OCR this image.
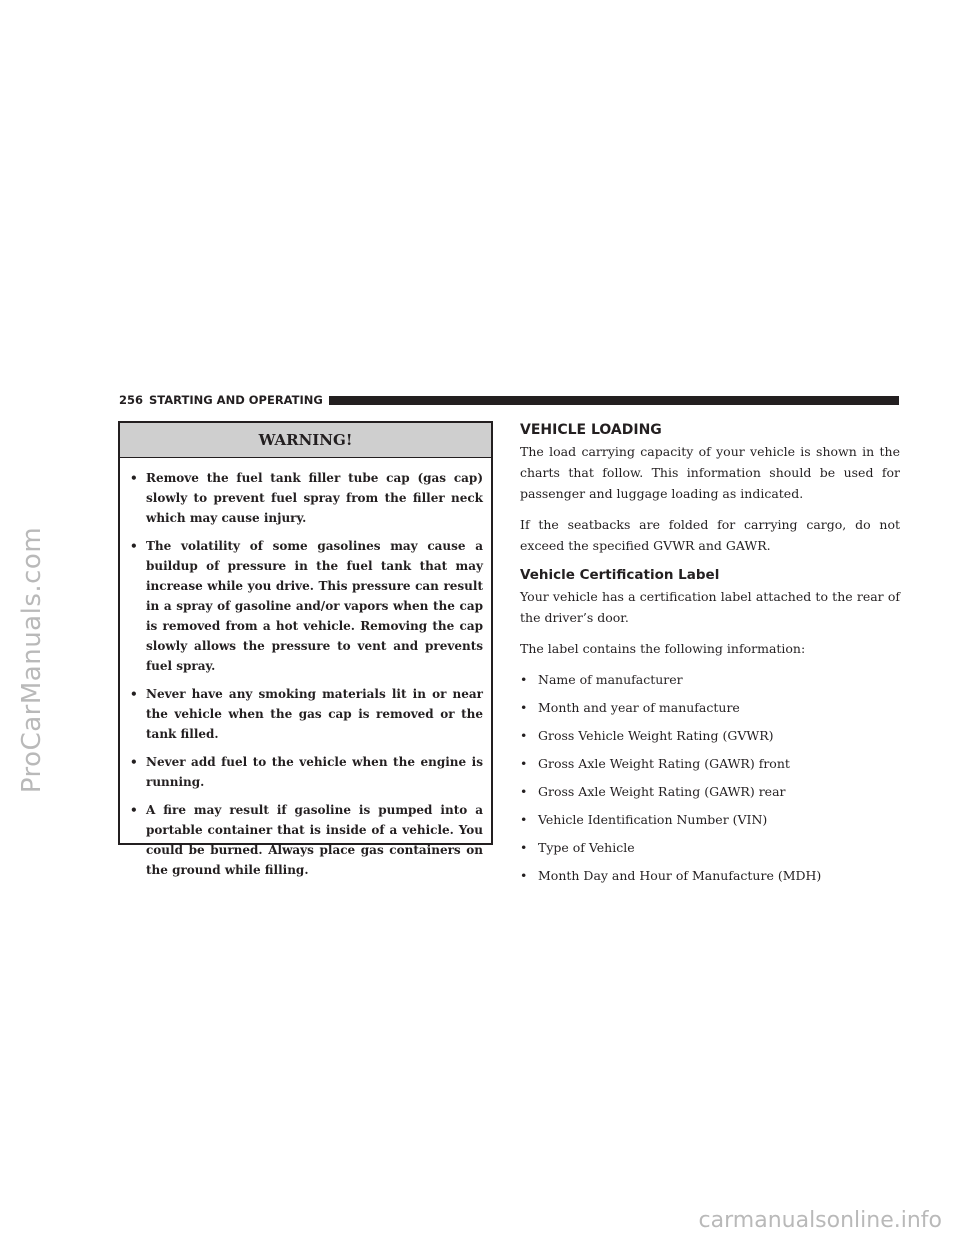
ProCarManuals.com
carmanualsonline.info
256 STARTING AND OPERATING
WARNING!
• Remove the fuel tank filler tube cap (gas cap) slowly to prevent fuel spray from the filler neck which may cause injury.
• The volatility of some gasolines may cause a buildup of pressure in the fuel tank that may increase while you drive. This pressure can result in a spray of gasoline and/or vapors when the cap is removed from a hot vehicle. Removing the cap slowly allows the pressure to vent and prevents fuel spray.
• Never have any smoking materials lit in or near the vehicle when the gas cap is removed or the tank filled.
• Never add fuel to the vehicle when the engine is running.
• A fire may result if gasoline is pumped into a portable container that is inside of a vehicle. You could be burned. Always place gas containers on the ground while filling.
VEHICLE LOADING

The load carrying capacity of your vehicle is shown in the charts that follow. This information should be used for passenger and luggage loading as indicated.

If the seatbacks are folded for carrying cargo, do not exceed the specified GVWR and GAWR.

Vehicle Certification Label

Your vehicle has a certification label attached to the rear of the driver’s door.

The label contains the following information:

• Name of manufacturer
• Month and year of manufacture
• Gross Vehicle Weight Rating (GVWR)
• Gross Axle Weight Rating (GAWR) front
• Gross Axle Weight Rating (GAWR) rear
• Vehicle Identification Number (VIN)
• Type of Vehicle
• Month Day and Hour of Manufacture (MDH)
